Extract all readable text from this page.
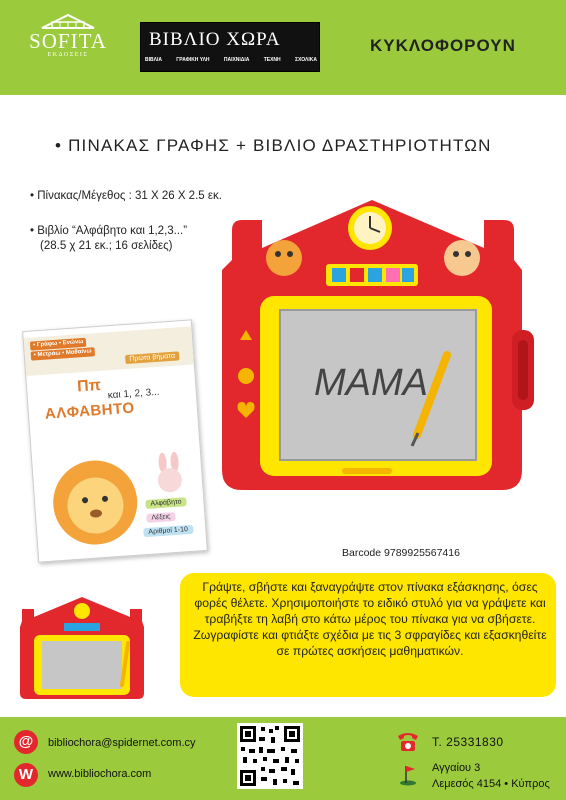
SOFITA
ΕΚΔΟΣΕΙΣ
ΒΙΒΛΙΟ ΧΩΡΑ
ΒΙΒΛΙΑ	ΓΡΑΦΙΚΗ ΥΛΗ	ΠΑΙΧΝΙΔΙΑ	ΤΕΧΝΗ	ΣΧΟΛΙΚΑ
ΚΥΚΛΟΦΟΡΟΥΝ
• ΠΙΝΑΚΑΣ ΓΡΑΦΗΣ + ΒΙΒΛΙΟ ΔΡΑΣΤΗΡΙΟΤΗΤΩΝ
• Πίνακας/Μέγεθος : 31 Χ 26 Χ 2.5 εκ.
• Βιβλίο “Αλφάβητο και 1,2,3...”
(28.5 χ 21 εκ.; 16 σελίδες)
ΜΑΜΑ
• Γράφω • Ενώνω
• Μετράω • Μαθαίνω	Πρώτα βήματα
Ππ και 1, 2, 3...
ΑΛΦΑΒΗΤΟ
Αλφάβητο
Λέξεις
Αριθμοί 1-10
Barcode 9789925567416
Γράψτε, σβήστε και ξαναγράψτε στον πίνακα εξάσκησης, όσες φορές θέλετε. Χρησιμοποιήστε το ειδικό στυλό για να γράψετε και τραβήξτε τη λαβή στο κάτω μέρος του πίνακα για να σβήσετε. Ζωγραφίστε και φτιάξτε σχέδια με τις 3 σφραγίδες και εξασκηθείτε σε πρώτες ασκήσεις μαθηματικών.
@	bibliochora@spidernet.com.cy
W	www.bibliochora.com
Τ. 25331830
Αγγαίου 3
Λεμεσός 4154 • Κύπρος
